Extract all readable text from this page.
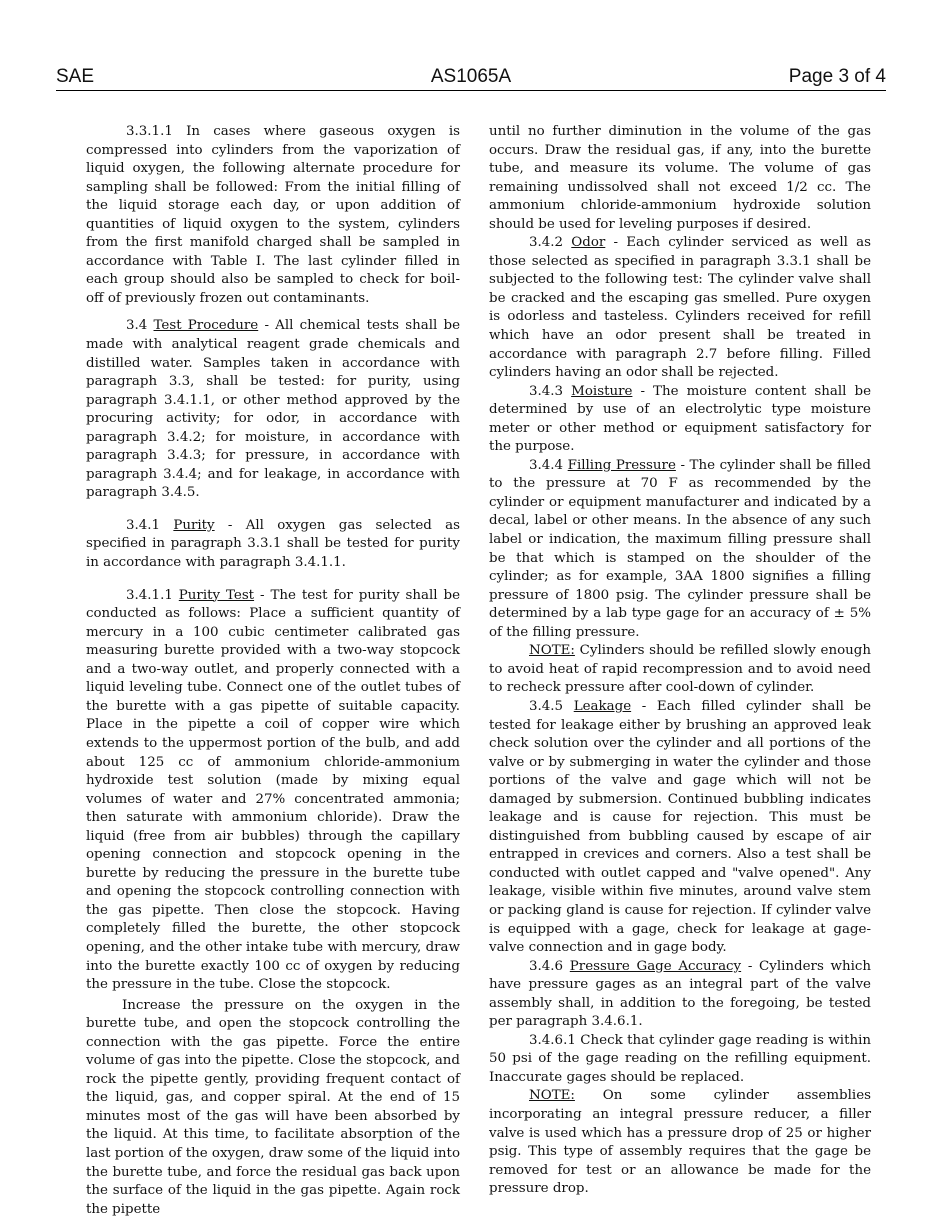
SAE	AS1065A	Page 3 of 4

3.3.1.1 In cases where gaseous oxygen is compressed into cylinders from the vaporization of liquid oxygen, the following alternate procedure for sampling shall be followed: From the initial filling of the liquid storage each day, or upon addition of quantities of liquid oxygen to the system, cylinders from the first manifold charged shall be sampled in accordance with Table I. The last cylinder filled in each group should also be sampled to check for boil-off of previously frozen out contaminants.

3.4 Test Procedure - All chemical tests shall be made with analytical reagent grade chemicals and distilled water. Samples taken in accordance with paragraph 3.3, shall be tested: for purity, using paragraph 3.4.1.1, or other method approved by the procuring activity; for odor, in accordance with paragraph 3.4.2; for moisture, in accordance with paragraph 3.4.3; for pressure, in accordance with paragraph 3.4.4; and for leakage, in accordance with paragraph 3.4.5.

3.4.1 Purity - All oxygen gas selected as specified in paragraph 3.3.1 shall be tested for purity in accordance with paragraph 3.4.1.1.

3.4.1.1 Purity Test - The test for purity shall be conducted as follows: Place a sufficient quantity of mercury in a 100 cubic centimeter calibrated gas measuring burette provided with a two-way stopcock and a two-way outlet, and properly connected with a liquid leveling tube. Connect one of the outlet tubes of the burette with a gas pipette of suitable capacity. Place in the pipette a coil of copper wire which extends to the uppermost portion of the bulb, and add about 125 cc of ammonium chloride-ammonium hydroxide test solution (made by mixing equal volumes of water and 27% concentrated ammonia; then saturate with ammonium chloride). Draw the liquid (free from air bubbles) through the capillary opening connection and stopcock opening in the burette by reducing the pressure in the burette tube and opening the stopcock controlling connection with the gas pipette. Then close the stopcock. Having completely filled the burette, the other stopcock opening, and the other intake tube with mercury, draw into the burette exactly 100 cc of oxygen by reducing the pressure in the tube. Close the stopcock.

Increase the pressure on the oxygen in the burette tube, and open the stopcock controlling the connection with the gas pipette. Force the entire volume of gas into the pipette. Close the stopcock, and rock the pipette gently, providing frequent contact of the liquid, gas, and copper spiral. At the end of 15 minutes most of the gas will have been absorbed by the liquid. At this time, to facilitate absorption of the last portion of the oxygen, draw some of the liquid into the burette tube, and force the residual gas back upon the surface of the liquid in the gas pipette. Again rock the pipette

until no further diminution in the volume of the gas occurs. Draw the residual gas, if any, into the burette tube, and measure its volume. The volume of gas remaining undissolved shall not exceed 1/2 cc. The ammonium chloride-ammonium hydroxide solution should be used for leveling purposes if desired.

3.4.2 Odor - Each cylinder serviced as well as those selected as specified in paragraph 3.3.1 shall be subjected to the following test: The cylinder valve shall be cracked and the escaping gas smelled. Pure oxygen is odorless and tasteless. Cylinders received for refill which have an odor present shall be treated in accordance with paragraph 2.7 before filling. Filled cylinders having an odor shall be rejected.

3.4.3 Moisture - The moisture content shall be determined by use of an electrolytic type moisture meter or other method or equipment satisfactory for the purpose.

3.4.4 Filling Pressure - The cylinder shall be filled to the pressure at 70 F as recommended by the cylinder or equipment manufacturer and indicated by a decal, label or other means. In the absence of any such label or indication, the maximum filling pressure shall be that which is stamped on the shoulder of the cylinder; as for example, 3AA 1800 signifies a filling pressure of 1800 psig. The cylinder pressure shall be determined by a lab type gage for an accuracy of ± 5% of the filling pressure.

NOTE: Cylinders should be refilled slowly enough to avoid heat of rapid recompression and to avoid need to recheck pressure after cool-down of cylinder.

3.4.5 Leakage - Each filled cylinder shall be tested for leakage either by brushing an approved leak check solution over the cylinder and all portions of the valve or by submerging in water the cylinder and those portions of the valve and gage which will not be damaged by submersion. Continued bubbling indicates leakage and is cause for rejection. This must be distinguished from bubbling caused by escape of air entrapped in crevices and corners. Also a test shall be conducted with outlet capped and "valve opened". Any leakage, visible within five minutes, around valve stem or packing gland is cause for rejection. If cylinder valve is equipped with a gage, check for leakage at gage-valve connection and in gage body.

3.4.6 Pressure Gage Accuracy - Cylinders which have pressure gages as an integral part of the valve assembly shall, in addition to the foregoing, be tested per paragraph 3.4.6.1.

3.4.6.1 Check that cylinder gage reading is within 50 psi of the gage reading on the refilling equipment. Inaccurate gages should be replaced.

NOTE: On some cylinder assemblies incorporating an integral pressure reducer, a filler valve is used which has a pressure drop of 25 or higher psig. This type of assembly requires that the gage be removed for test or an allowance be made for the pressure drop.
